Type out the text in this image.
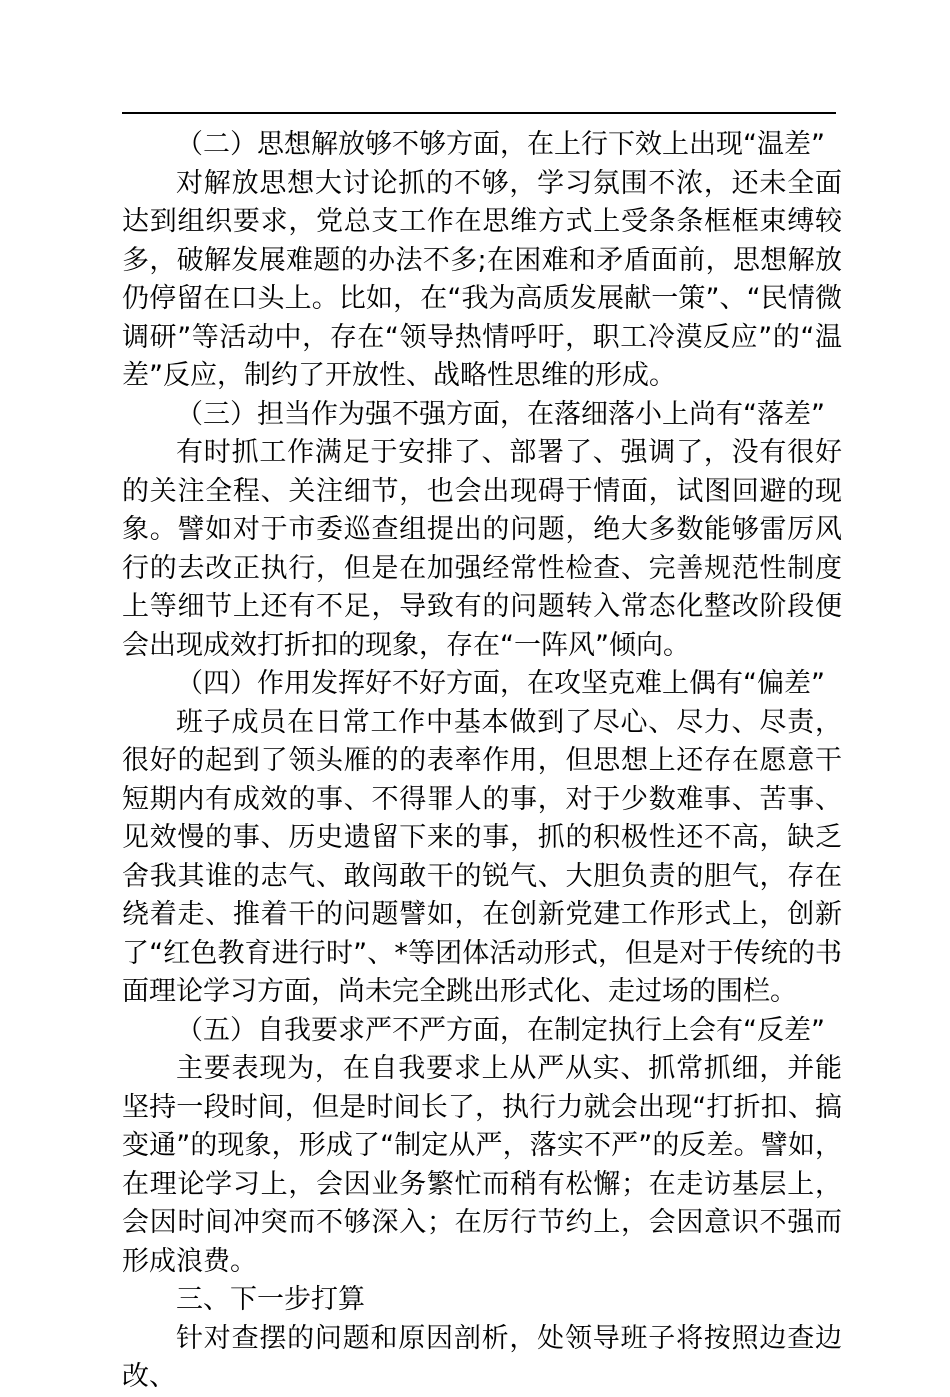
（二）思想解放够不够方面，在上行下效上出现“温差”

对解放思想大讨论抓的不够，学习氛围不浓，还未全面达到组织要求，党总支工作在思维方式上受条条框框束缚较多，破解发展难题的办法不多;在困难和矛盾面前，思想解放仍停留在口头上。比如，在“我为高质发展献一策”、“民情微调研”等活动中，存在“领导热情呼吁，职工冷漠反应”的“温差”反应，制约了开放性、战略性思维的形成。

（三）担当作为强不强方面，在落细落小上尚有“落差”

有时抓工作满足于安排了、部署了、强调了，没有很好的关注全程、关注细节，也会出现碍于情面，试图回避的现象。譬如对于市委巡查组提出的问题，绝大多数能够雷厉风行的去改正执行，但是在加强经常性检查、完善规范性制度上等细节上还有不足，导致有的问题转入常态化整改阶段便会出现成效打折扣的现象，存在“一阵风”倾向。

（四）作用发挥好不好方面，在攻坚克难上偶有“偏差”

班子成员在日常工作中基本做到了尽心、尽力、尽责，很好的起到了领头雁的的表率作用，但思想上还存在愿意干短期内有成效的事、不得罪人的事，对于少数难事、苦事、见效慢的事、历史遗留下来的事，抓的积极性还不高，缺乏舍我其谁的志气、敢闯敢干的锐气、大胆负责的胆气，存在绕着走、推着干的问题譬如，在创新党建工作形式上，创新了“红色教育进行时”、*等团体活动形式，但是对于传统的书面理论学习方面，尚未完全跳出形式化、走过场的围栏。

（五）自我要求严不严方面，在制定执行上会有“反差”

主要表现为，在自我要求上从严从实、抓常抓细，并能坚持一段时间，但是时间长了，执行力就会出现“打折扣、搞变通”的现象，形成了“制定从严，落实不严”的反差。譬如，在理论学习上，会因业务繁忙而稍有松懈；在走访基层上，会因时间冲突而不够深入；在厉行节约上，会因意识不强而形成浪费。

三、下一步打算

针对查摆的问题和原因剖析，处领导班子将按照边查边改、
